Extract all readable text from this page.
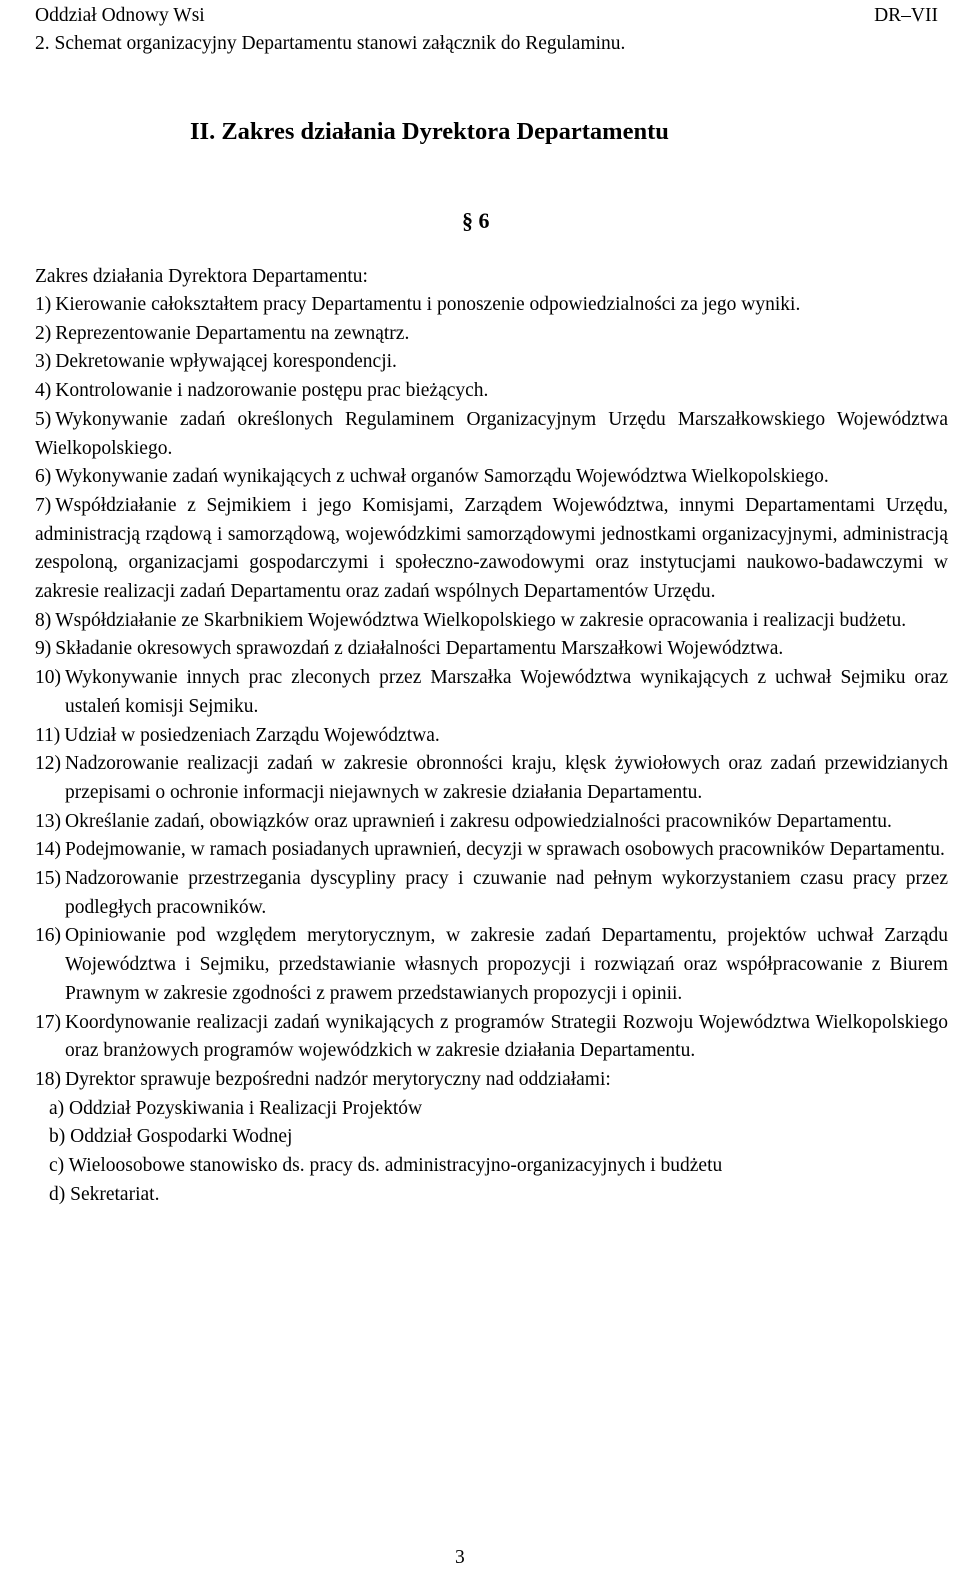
Oddział Odnowy Wsi	DR–VII
2. Schemat organizacyjny Departamentu stanowi załącznik do Regulaminu.
II. Zakres działania Dyrektora Departamentu
§ 6
Zakres działania Dyrektora Departamentu:
1) Kierowanie całokształtem pracy Departamentu i ponoszenie odpowiedzialności za jego wyniki.
2) Reprezentowanie Departamentu na zewnątrz.
3) Dekretowanie wpływającej korespondencji.
4) Kontrolowanie i nadzorowanie postępu prac bieżących.
5) Wykonywanie zadań określonych Regulaminem Organizacyjnym Urzędu Marszałkowskiego Województwa Wielkopolskiego.
6) Wykonywanie zadań wynikających z uchwał organów Samorządu Województwa Wielkopolskiego.
7) Współdziałanie z Sejmikiem i jego Komisjami, Zarządem Województwa, innymi Departamentami Urzędu, administracją rządową i samorządową, wojewódzkimi samorządowymi jednostkami organizacyjnymi, administracją zespoloną, organizacjami gospodarczymi i społeczno-zawodowymi oraz instytucjami naukowo-badawczymi w zakresie realizacji zadań Departamentu oraz zadań wspólnych Departamentów Urzędu.
8) Współdziałanie ze Skarbnikiem Województwa Wielkopolskiego w zakresie opracowania i realizacji budżetu.
9) Składanie okresowych sprawozdań z działalności Departamentu Marszałkowi Województwa.
10) Wykonywanie innych prac zleconych przez Marszałka Województwa wynikających z uchwał Sejmiku oraz ustaleń komisji Sejmiku.
11) Udział w posiedzeniach Zarządu Województwa.
12) Nadzorowanie realizacji zadań w zakresie obronności kraju, klęsk żywiołowych oraz zadań przewidzianych przepisami o ochronie informacji niejawnych w zakresie działania Departamentu.
13) Określanie zadań, obowiązków oraz uprawnień i zakresu odpowiedzialności pracowników Departamentu.
14) Podejmowanie, w ramach posiadanych uprawnień, decyzji w sprawach osobowych pracowników Departamentu.
15) Nadzorowanie przestrzegania dyscypliny pracy i czuwanie nad pełnym wykorzystaniem czasu pracy przez podległych pracowników.
16) Opiniowanie pod względem merytorycznym, w zakresie zadań Departamentu, projektów uchwał Zarządu Województwa i Sejmiku, przedstawianie własnych propozycji i rozwiązań oraz współpracowanie z Biurem Prawnym w zakresie zgodności z prawem przedstawianych propozycji i opinii.
17) Koordynowanie realizacji zadań wynikających z programów Strategii Rozwoju Województwa Wielkopolskiego oraz branżowych programów wojewódzkich w zakresie działania Departamentu.
18) Dyrektor sprawuje bezpośredni nadzór merytoryczny nad oddziałami:
a) Oddział Pozyskiwania i Realizacji Projektów
b) Oddział Gospodarki Wodnej
c) Wieloosobowe stanowisko ds. pracy ds. administracyjno-organizacyjnych i budżetu
d) Sekretariat.
3
